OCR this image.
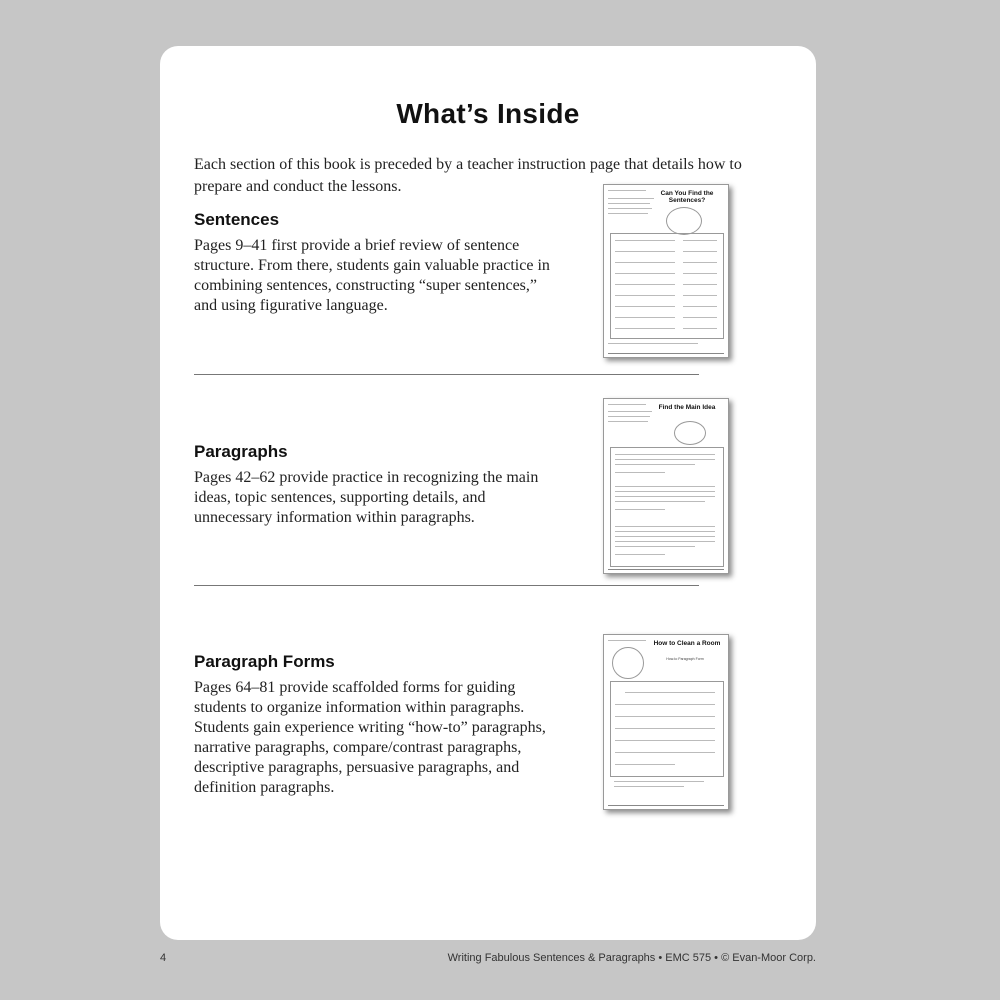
What’s Inside
Each section of this book is preceded by a teacher instruction page that details how to prepare and conduct the lessons.
Sentences
Pages 9–41 first provide a brief review of sentence structure. From there, students gain valuable practice in combining sentences, constructing “super sentences,” and using figurative language.
Can You Find the Sentences?
Paragraphs
Pages 42–62 provide practice in recognizing the main ideas, topic sentences, supporting details, and unnecessary information within paragraphs.
Find the Main Idea
Paragraph Forms
Pages 64–81 provide scaffolded forms for guiding students to organize information within paragraphs. Students gain experience writing “how-to” paragraphs, narrative paragraphs, compare/contrast paragraphs, descriptive paragraphs, persuasive paragraphs, and definition paragraphs.
How to Clean a Room
How-to Paragraph Form
4	Writing Fabulous Sentences & Paragraphs • EMC 575 • © Evan-Moor Corp.
